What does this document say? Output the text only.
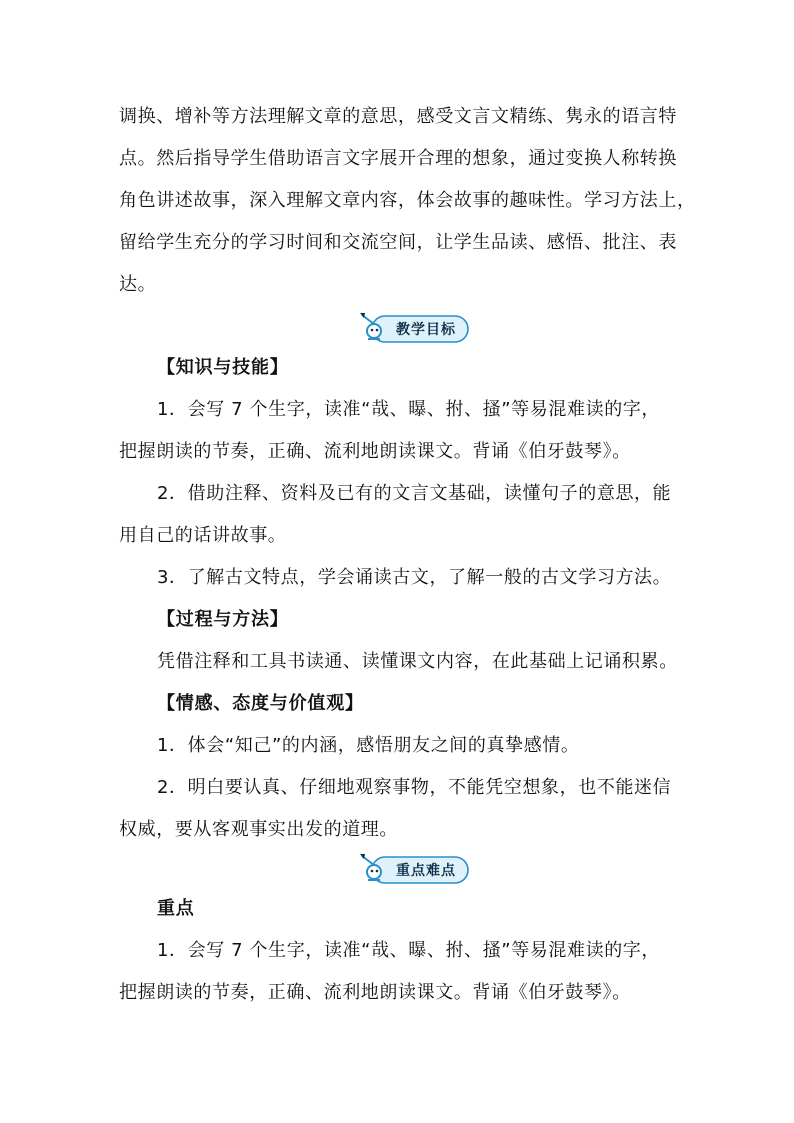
调换、增补等方法理解文章的意思，感受文言文精练、隽永的语言特
点。然后指导学生借助语言文字展开合理的想象，通过变换人称转换
角色讲述故事，深入理解文章内容，体会故事的趣味性。学习方法上，
留给学生充分的学习时间和交流空间，让学生品读、感悟、批注、表
达。
教学目标
【知识与技能】
1．会写 7 个生字，读准“哉、曝、拊、搔”等易混难读的字，
把握朗读的节奏，正确、流利地朗读课文。背诵《伯牙鼓琴》。
2．借助注释、资料及已有的文言文基础，读懂句子的意思，能
用自己的话讲故事。
3．了解古文特点，学会诵读古文，了解一般的古文学习方法。
【过程与方法】
凭借注释和工具书读通、读懂课文内容，在此基础上记诵积累。
【情感、态度与价值观】
1．体会“知己”的内涵，感悟朋友之间的真挚感情。
2．明白要认真、仔细地观察事物，不能凭空想象，也不能迷信
权威，要从客观事实出发的道理。
重点难点
重点
1．会写 7 个生字，读准“哉、曝、拊、搔”等易混难读的字，
把握朗读的节奏，正确、流利地朗读课文。背诵《伯牙鼓琴》。
